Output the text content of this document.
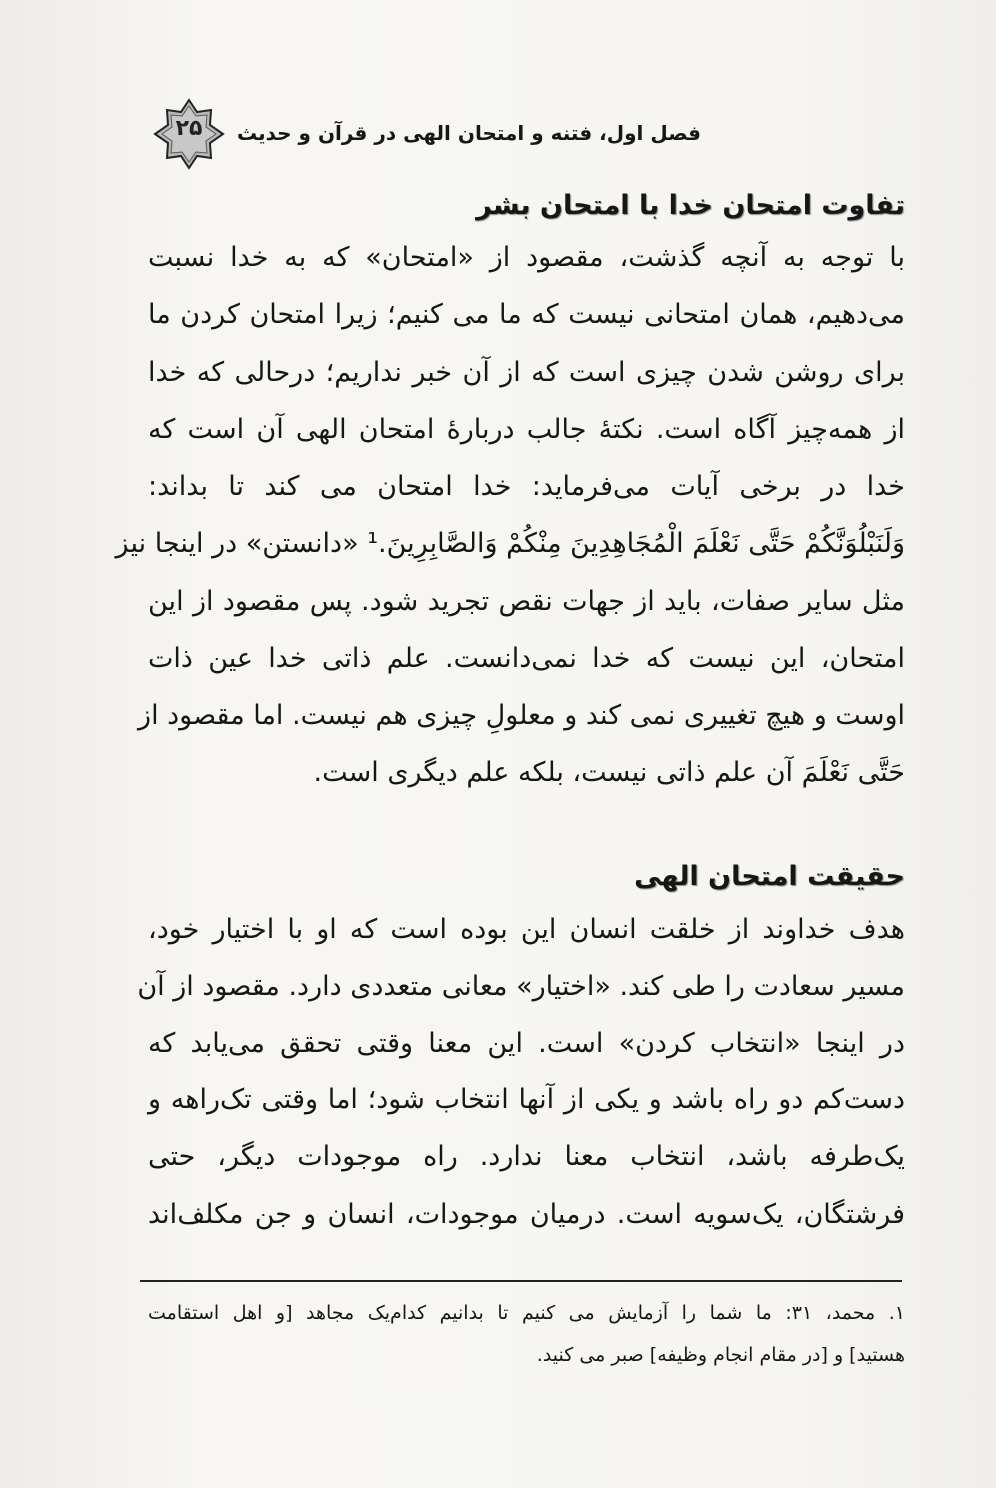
۲۵	فصل اول، فتنه و امتحان الهی در قرآن و حدیث
تفاوت امتحان خدا با امتحان بشر
با توجه به آنچه گذشت، مقصود از «امتحان» که به خدا نسبت
می‌دهیم، همان امتحانی نیست که ما می کنیم؛ زیرا امتحان کردن ما
برای روشن شدن چیزی است که از آن خبر نداریم؛ درحالی که خدا
از همه‌چیز آگاه است. نکتهٔ جالب دربارهٔ امتحان الهی آن است که
خدا در برخی آیات می‌فرماید: خدا امتحان می کند تا بداند:
وَلَنَبْلُوَنَّكُمْ حَتَّى نَعْلَمَ الْمُجَاهِدِينَ مِنْكُمْ وَالصَّابِرِينَ.¹ «دانستن» در اینجا نیز
مثل سایر صفات، باید از جهات نقص تجرید شود. پس مقصود از این
امتحان، این نیست که خدا نمی‌دانست. علم ذاتی خدا عین ذات
اوست و هیچ تغییری نمی کند و معلولِ چیزی هم نیست. اما مقصود از
حَتَّى نَعْلَمَ آن علم ذاتی نیست، بلکه علم دیگری است.
حقیقت امتحان الهی
هدف خداوند از خلقت انسان این بوده است که او با اختیار خود،
مسیر سعادت را طی کند. «اختیار» معانی متعددی دارد. مقصود از آن
در اینجا «انتخاب کردن» است. این معنا وقتی تحقق می‌یابد که
دست‌کم دو راه باشد و یکی از آنها انتخاب شود؛ اما وقتی تک‌راهه و
یک‌طرفه باشد، انتخاب معنا ندارد. راه موجودات دیگر، حتی
فرشتگان، یک‌سویه است. درمیان موجودات، انسان و جن مکلف‌اند
۱. محمد، ۳۱: ما شما را آزمایش می کنیم تا بدانیم کدام‌یک مجاهد [و اهل استقامت
هستید] و [در مقام انجام وظیفه] صبر می کنید.
